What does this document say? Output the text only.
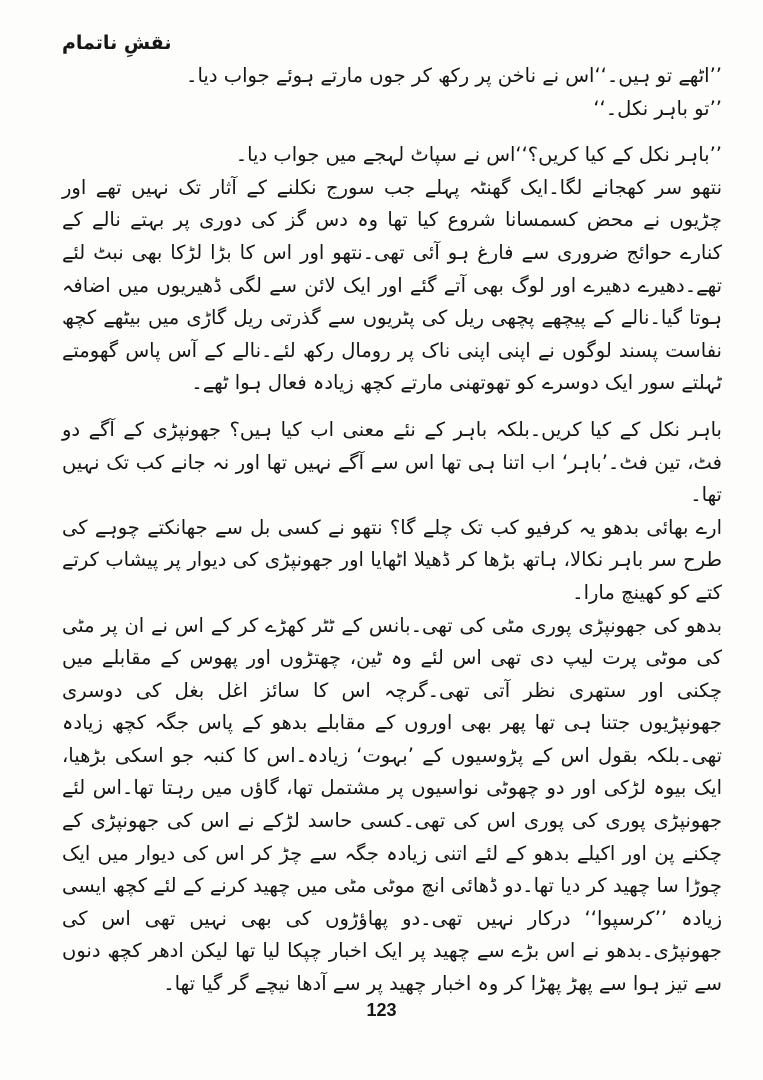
نقشِ ناتمام

’’اٹھے تو ہیں۔‘‘اس نے ناخن پر رکھ کر جوں مارتے ہوئے جواب دیا۔

’’تو باہر نکل۔‘‘

’’باہر نکل کے کیا کریں؟‘‘اس نے سپاٹ لہجے میں جواب دیا۔

نتھو سر کھجانے لگا۔ایک گھنٹہ پہلے جب سورج نکلنے کے آثار تک نہیں تھے اور چڑیوں نے محض کسمسانا شروع کیا تھا وہ دس گز کی دوری پر بہتے نالے کے کنارے حوائج ضروری سے فارغ ہو آئی تھی۔نتھو اور اس کا بڑا لڑکا بھی نبٹ لئے تھے۔دھیرے دھیرے اور لوگ بھی آتے گئے اور ایک لائن سے لگی ڈھیریوں میں اضافہ ہوتا گیا۔نالے کے پیچھے پچھی ریل کی پٹریوں سے گذرتی ریل گاڑی میں بیٹھے کچھ نفاست پسند لوگوں نے اپنی اپنی ناک پر رومال رکھ لئے۔نالے کے آس پاس گھومتے ٹہلتے سور ایک دوسرے کو تھوتھنی مارتے کچھ زیادہ فعال ہوا ٹھے۔

باہر نکل کے کیا کریں۔بلکہ باہر کے نئے معنی اب کیا ہیں؟ جھونپڑی کے آگے دو فٹ، تین فٹ۔’باہر‘ اب اتنا ہی تھا اس سے آگے نہیں تھا اور نہ جانے کب تک نہیں تھا۔

ارے بھائی بدھو یہ کرفیو کب تک چلے گا؟ نتھو نے کسی بل سے جھانکتے چوہے کی طرح سر باہر نکالا، ہاتھ بڑھا کر ڈھیلا اٹھایا اور جھونپڑی کی دیوار پر پیشاب کرتے کتے کو کھینچ مارا۔

بدھو کی جھونپڑی پوری مٹی کی تھی۔بانس کے ٹٹر کھڑے کر کے اس نے ان پر مٹی کی موٹی پرت لیپ دی تھی اس لئے وہ ٹین، چھتڑوں اور پھوس کے مقابلے میں چکنی اور ستھری نظر آتی تھی۔گرچہ اس کا سائز اغل بغل کی دوسری جھونپڑیوں جتنا ہی تھا پھر بھی اوروں کے مقابلے بدھو کے پاس جگہ کچھ زیادہ تھی۔بلکہ بقول اس کے پڑوسیوں کے ’بہوت‘ زیادہ۔اس کا کنبہ جو اسکی بڑھیا، ایک بیوہ لڑکی اور دو چھوٹی نواسیوں پر مشتمل تھا، گاؤں میں رہتا تھا۔اس لئے جھونپڑی پوری کی پوری اس کی تھی۔کسی حاسد لڑکے نے اس کی جھونپڑی کے چکنے پن اور اکیلے بدھو کے لئے اتنی زیادہ جگہ سے چڑ کر اس کی دیوار میں ایک چوڑا سا چھید کر دیا تھا۔دو ڈھائی انچ موٹی مٹی میں چھید کرنے کے لئے کچھ ایسی زیادہ ’’کرسپوا‘‘ درکار نہیں تھی۔دو پھاؤڑوں کی بھی نہیں تھی اس کی جھونپڑی۔بدھو نے اس بڑے سے چھید پر ایک اخبار چپکا لیا تھا لیکن ادھر کچھ دنوں سے تیز ہوا سے پھڑ پھڑا کر وہ اخبار چھید پر سے آدھا نیچے گر گیا تھا۔

123
